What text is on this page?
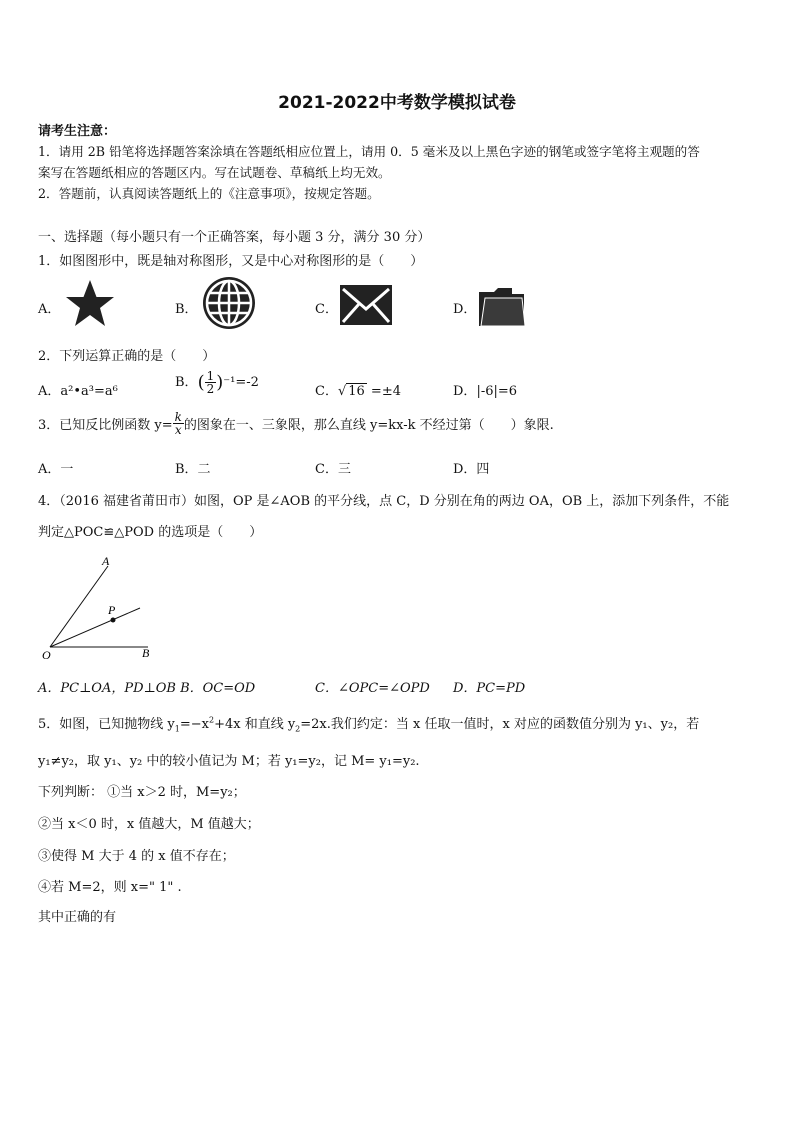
2021-2022中考数学模拟试卷
请考生注意：
1．请用 2B 铅笔将选择题答案涂填在答题纸相应位置上，请用 0．5 毫米及以上黑色字迹的钢笔或签字笔将主观题的答
案写在答题纸相应的答题区内。写在试题卷、草稿纸上均无效。
2．答题前，认真阅读答题纸上的《注意事项》，按规定答题。
一、选择题（每小题只有一个正确答案，每小题 3 分，满分 30 分）
1．如图图形中，既是轴对称图形，又是中心对称图形的是（　　）
A．	B．	C．	D．
2．下列运算正确的是（　　）
A．a²•a³=a⁶
B．( $\frac{1}{2} )^{-1}=-2$
C．√ 16 =±4	D．|-6|=6
3．已知反比例函数 $y= \frac{k}{x}$ 的图象在一、三象限，那么直线 y=kx-k 不经过第（　　）象限.
A．一	B．二	C．三	D．四
4．（2016 福建省莆田市）如图，OP 是∠AOB 的平分线，点 C，D 分别在角的两边 OA，OB 上，添加下列条件，不能
判定△POC≌△POD 的选项是（　　）
A
P
O	B
A．PC⊥OA，PD⊥OB B．OC=OD	C．∠OPC=∠OPD D．PC=PD
5．如图，已知抛物线 $y_1=-x^2+4x$ 和直线 $y_2=2x$.我们约定：当 x 任取一值时，x 对应的函数值分别为 y₁、y₂，若
y₁≠y₂，取 y₁、y₂ 中的较小值记为 M；若 y₁=y₂，记 M= y₁=y₂.
下列判断： ①当 x＞2 时，M=y₂；
②当 x＜0 时，x 值越大，M 值越大；
③使得 M 大于 4 的 x 值不存在；
④若 M=2，则 x=" 1" .
其中正确的有
